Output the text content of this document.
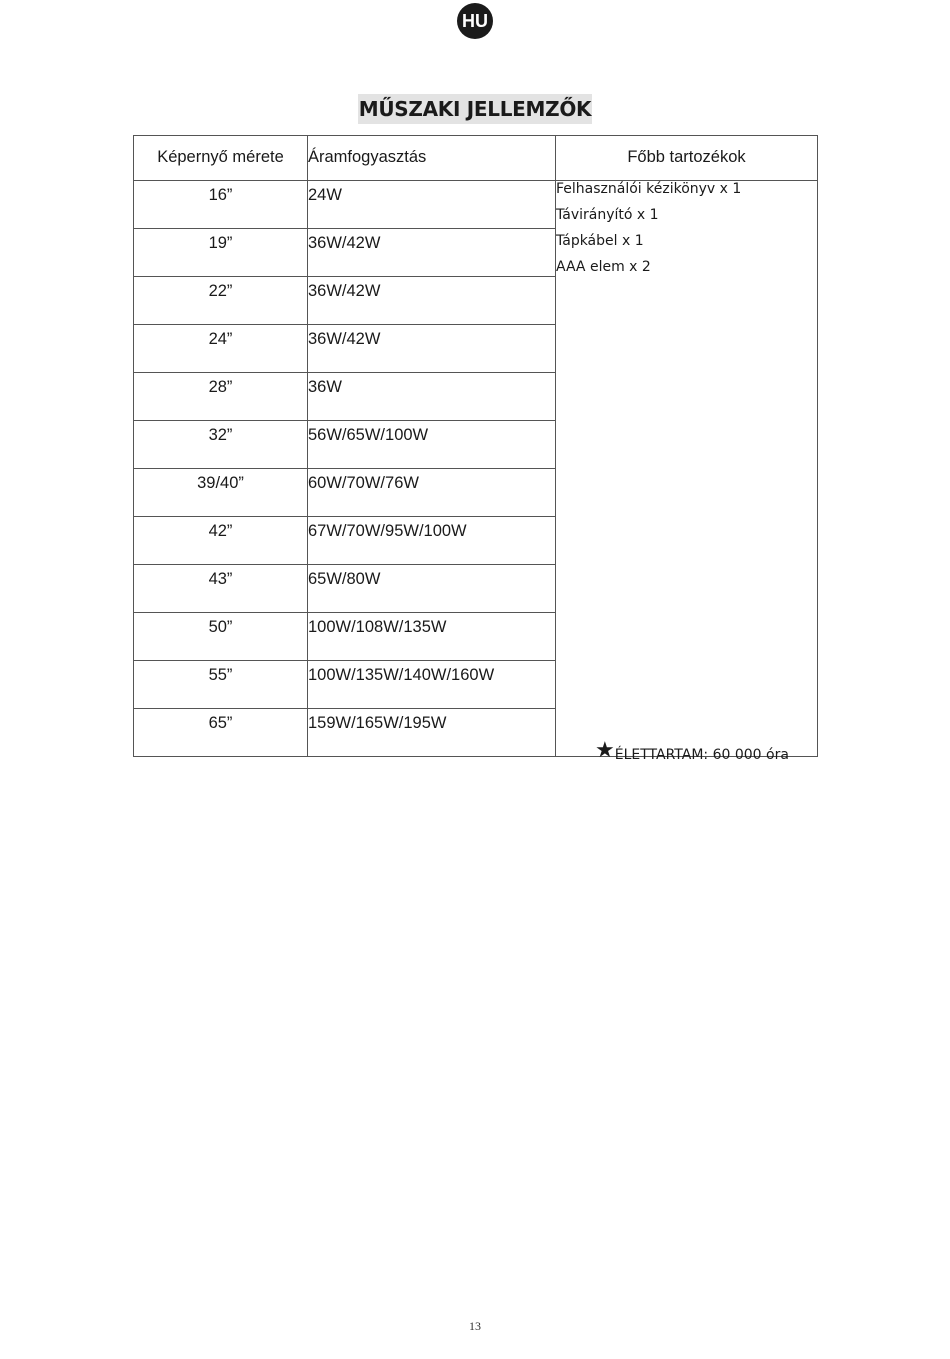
HU
MŰSZAKI JELLEMZŐK
Képernyő mérete	Áramfogyasztás	Főbb tartozékok
16”	24W	Felhasználói kézikönyv x 1
Távirányító x 1
Tápkábel x 1
AAA elem x 2

19”	36W/42W	
22”	36W/42W	
24”	36W/42W	
28”	36W	
32”	56W/65W/100W	
39/40”	60W/70W/76W	
42”	67W/70W/95W/100W	
43”	65W/80W	
50”	100W/108W/135W	
55”	100W/135W/140W/160W	
65”	159W/165W/195W	
★ÉLETTARTAM: 60 000 óra
13
